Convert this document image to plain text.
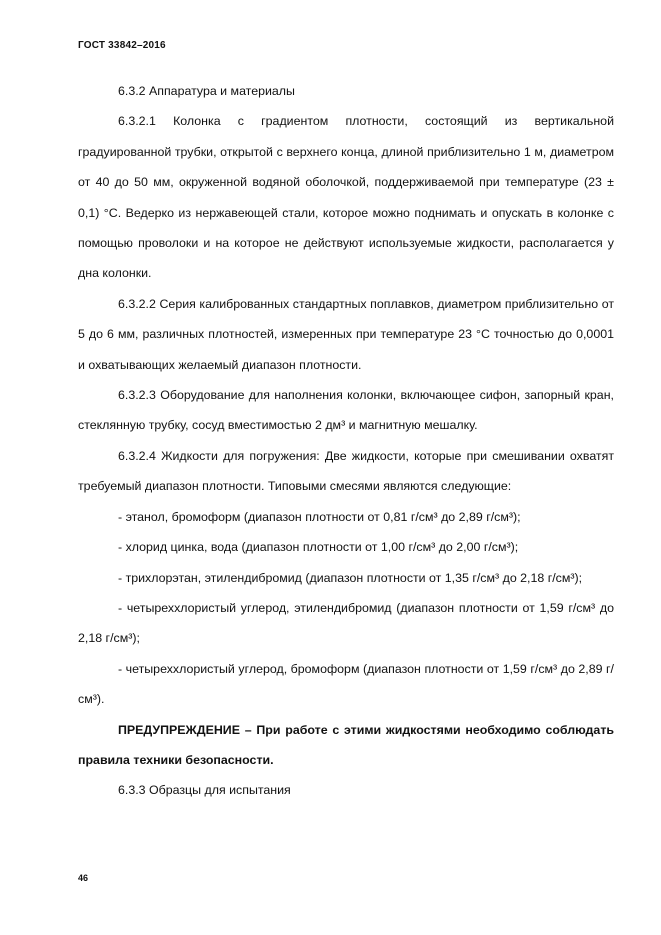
ГОСТ 33842–2016

6.3.2 Аппаратура и материалы

6.3.2.1 Колонка с градиентом плотности, состоящий из вертикальной градуированной трубки, открытой с верхнего конца, длиной приблизительно 1 м, диаметром от 40 до 50 мм, окруженной водяной оболочкой, поддерживаемой при температуре (23 ± 0,1) °С. Ведерко из нержавеющей стали, которое можно поднимать и опускать в колонке с помощью проволоки и на которое не действуют используемые жидкости, располагается у дна колонки.

6.3.2.2 Серия калиброванных стандартных поплавков, диаметром приблизительно от 5 до 6 мм, различных плотностей, измеренных при температуре 23 °С точностью до 0,0001 и охватывающих желаемый диапазон плотности.

6.3.2.3 Оборудование для наполнения колонки, включающее сифон, запорный кран, стеклянную трубку, сосуд вместимостью 2 дм³ и магнитную мешалку.

6.3.2.4 Жидкости для погружения: Две жидкости, которые при смешивании охватят требуемый диапазон плотности. Типовыми смесями являются следующие:

- этанол, бромоформ (диапазон плотности от 0,81 г/см³ до 2,89 г/см³);

- хлорид цинка, вода (диапазон плотности от 1,00 г/см³ до 2,00 г/см³);

- трихлорэтан, этилендибромид (диапазон плотности от 1,35 г/см³ до 2,18 г/см³);

- четыреххлористый углерод, этилендибромид (диапазон плотности от 1,59 г/см³ до 2,18 г/см³);

- четыреххлористый углерод, бромоформ (диапазон плотности от 1,59 г/см³ до 2,89 г/см³).

ПРЕДУПРЕЖДЕНИЕ – При работе с этими жидкостями необходимо соблюдать правила техники безопасности.

6.3.3 Образцы для испытания

46
